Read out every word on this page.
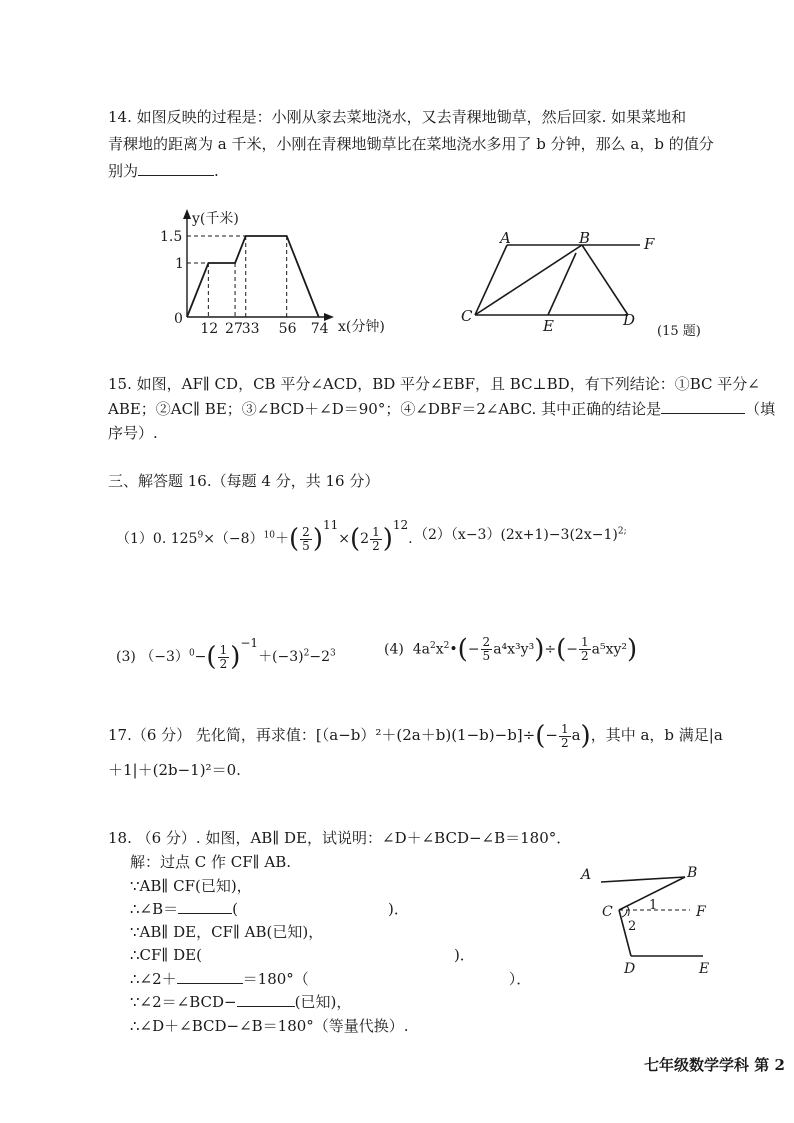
14. 如图反映的过程是：小刚从家去菜地浇水，又去青稞地锄草，然后回家. 如果菜地和
青稞地的距离为 a 千米，小刚在青稞地锄草比在菜地浇水多用了 b 分钟，那么 a，b 的值分
别为	.
y(千米)
x(分钟)
0
12 27
33 56 74
1
1.5	A	B	F
C
E	D
(15 题)
15. 如图，AF∥ CD，CB 平分∠ACD，BD 平分∠EBF，且 BC⊥BD，有下列结论：①BC 平分∠
ABE；②AC∥ BE；③∠BCD＋∠D＝90°；④∠DBF＝2∠ABC. 其中正确的结论是	（填
序号）.
三、解答题 16.（每题 4 分，共 16 分）
（1）0. $125^9\times(-8)^{10}+( \frac{2}{5} )^{11}\times(2 \frac{1}{2} )^{12}$. $(2)(x-3)(2x+1)-3(2x-1)^{2;}$
(3) $(-3)^0-( \frac{1}{2} )^{-1}+(-3)^2-2^3$	(4) $4a^2x^2•(- \frac{2}{5} a^4x^3y^3)\div(- \frac{1}{2} a^5xy^2)$
17.（6 分） 先化简，再求值：$[(a-b)^2+(2a+b)(1-b)-b]\div(- \frac{1}{2} a)$，其中 a，b 满足|a
＋1|＋(2b−1)²＝0.
18. （6 分）. 如图，AB∥ DE，试说明：∠D＋∠BCD−∠B＝180°．
解：过点 C 作 CF∥ AB.
∵AB∥ CF(已知)，
∴∠B＝	(	)．
∵AB∥ DE，CF∥ AB(已知)，
∴CF∥ DE(	)．
∴∠2＋	＝180°（	）．
∵∠2＝∠BCD−	(已知)，
∴∠D＋∠BCD−∠B＝180°（等量代换）.
A	B
C	F
D	E
1
2
七年级数学学科 第 2
